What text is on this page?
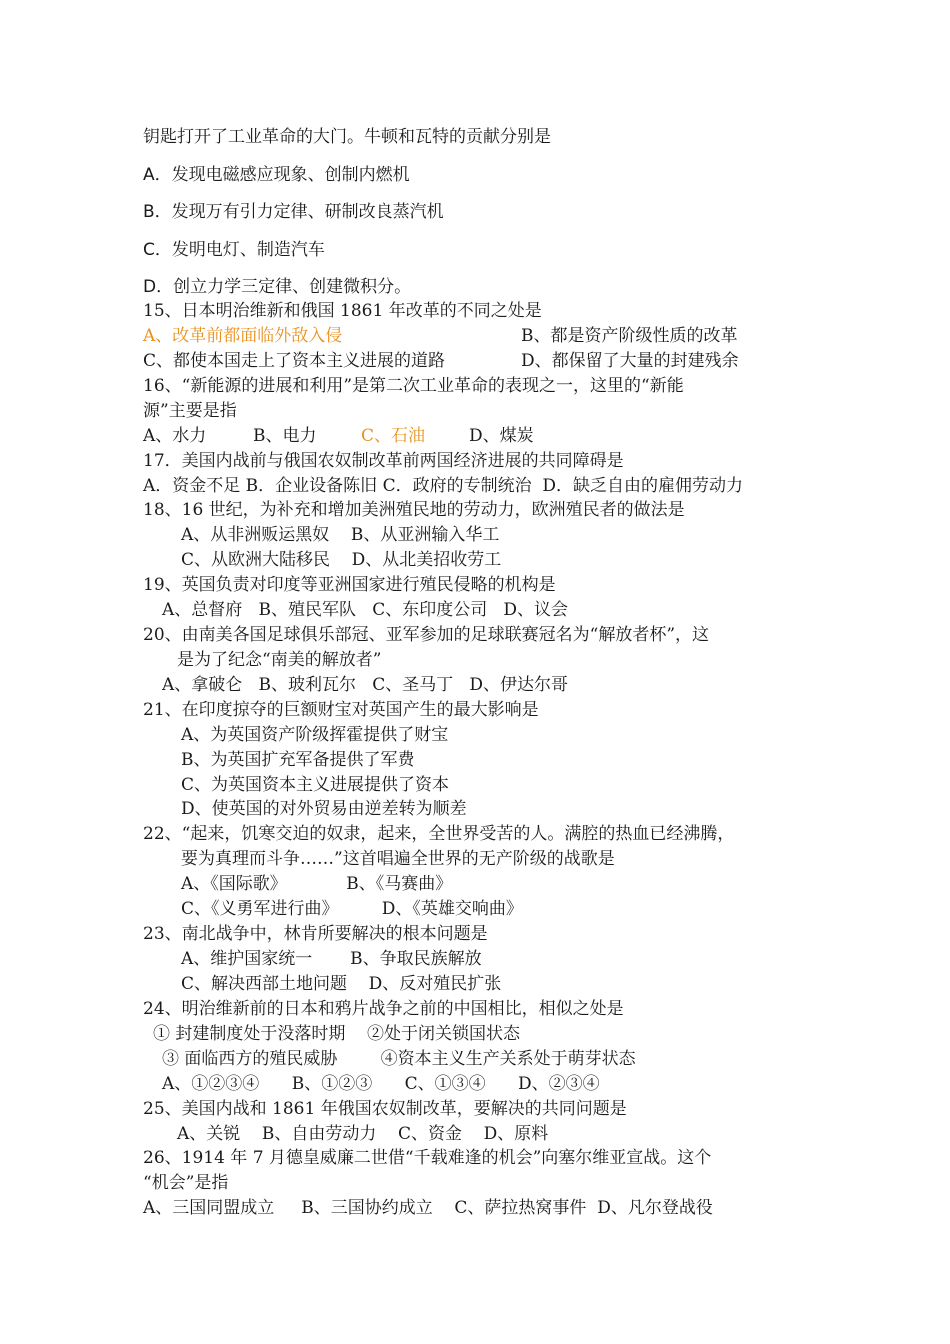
钥匙打开了工业革命的大门。牛顿和瓦特的贡献分别是
A．发现电磁感应现象、创制内燃机
B．发现万有引力定律、研制改良蒸汽机
C．发明电灯、制造汽车
D．创立力学三定律、创建微积分。
15、日本明治维新和俄国 1861 年改革的不同之处是
A、改革前都面临外敌入侵	B、都是资产阶级性质的改革
C、都使本国走上了资本主义进展的道路	D、都保留了大量的封建残余
16、“新能源的进展和利用”是第二次工业革命的表现之一，这里的“新能
源”主要是指
A、水力	B、电力	C、石油	D、煤炭
17．美国内战前与俄国农奴制改革前两国经济进展的共同障碍是
A．资金不足 B．企业设备陈旧 C．政府的专制统治  D．缺乏自由的雇佣劳动力
18、16 世纪，为补充和增加美洲殖民地的劳动力，欧洲殖民者的做法是
A、从非洲贩运黑奴    B、从亚洲输入华工
C、从欧洲大陆移民    D、从北美招收劳工
19、英国负责对印度等亚洲国家进行殖民侵略的机构是
A、总督府   B、殖民军队   C、东印度公司   D、议会
20、由南美各国足球俱乐部冠、亚军参加的足球联赛冠名为“解放者杯”，这
是为了纪念“南美的解放者”
A、拿破仑   B、玻利瓦尔   C、圣马丁   D、伊达尔哥
21、在印度掠夺的巨额财宝对英国产生的最大影响是
A、为英国资产阶级挥霍提供了财宝
B、为英国扩充军备提供了军费
C、为英国资本主义进展提供了资本
D、使英国的对外贸易由逆差转为顺差
22、“起来，饥寒交迫的奴隶，起来，全世界受苦的人。满腔的热血已经沸腾，
要为真理而斗争……”这首唱遍全世界的无产阶级的战歌是
A、《国际歌》           B、《马赛曲》
C、《义勇军进行曲》        D、《英雄交响曲》
23、南北战争中，林肯所要解决的根本问题是
A、维护国家统一       B、争取民族解放
C、解决西部土地问题    D、反对殖民扩张
24、明治维新前的日本和鸦片战争之前的中国相比，相似之处是
① 封建制度处于没落时期    ②处于闭关锁国状态
③ 面临西方的殖民威胁        ④资本主义生产关系处于萌芽状态
A、①②③④      B、①②③      C、①③④      D、②③④
25、美国内战和 1861 年俄国农奴制改革，要解决的共同问题是
A、关锐    B、自由劳动力    C、资金    D、原料
26、1914 年 7 月德皇威廉二世借“千载难逢的机会”向塞尔维亚宣战。这个
“机会”是指
A、三国同盟成立     B、三国协约成立    C、萨拉热窝事件  D、凡尔登战役
